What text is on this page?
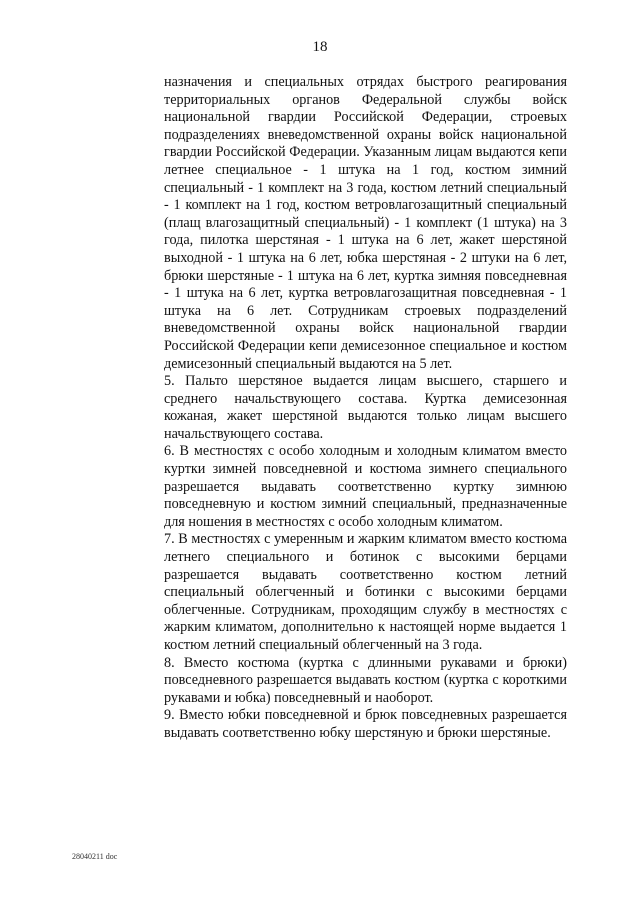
18

назначения и специальных отрядах быстрого реагирования территориальных органов Федеральной службы войск национальной гвардии Российской Федерации, строевых подразделениях вневедомственной охраны войск национальной гвардии Российской Федерации. Указанным лицам выдаются кепи летнее специальное - 1 штука на 1 год, костюм зимний специальный - 1 комплект на 3 года, костюм летний специальный - 1 комплект на 1 год, костюм ветровлагозащитный специальный (плащ влагозащитный специальный) - 1 комплект (1 штука) на 3 года, пилотка шерстяная - 1 штука на 6 лет, жакет шерстяной выходной - 1 штука на 6 лет, юбка шерстяная - 2 штуки на 6 лет, брюки шерстяные - 1 штука на 6 лет, куртка зимняя повседневная - 1 штука на 6 лет, куртка ветровлагозащитная повседневная - 1 штука на 6 лет. Сотрудникам строевых подразделений вневедомственной охраны войск национальной гвардии Российской Федерации кепи демисезонное специальное и костюм демисезонный специальный выдаются на 5 лет.

5. Пальто шерстяное выдается лицам высшего, старшего и среднего начальствующего состава. Куртка демисезонная кожаная, жакет шерстяной выдаются только лицам высшего начальствующего состава.

6. В местностях с особо холодным и холодным климатом вместо куртки зимней повседневной и костюма зимнего специального разрешается выдавать соответственно куртку зимнюю повседневную и костюм зимний специальный, предназначенные для ношения в местностях с особо холодным климатом.

7. В местностях с умеренным и жарким климатом вместо костюма летнего специального и ботинок с высокими берцами разрешается выдавать соответственно костюм летний специальный облегченный и ботинки с высокими берцами облегченные. Сотрудникам, проходящим службу в местностях с жарким климатом, дополнительно к настоящей норме выдается 1 костюм летний специальный облегченный на 3 года.

8. Вместо костюма (куртка с длинными рукавами и брюки) повседневного разрешается выдавать костюм (куртка с короткими рукавами и юбка) повседневный и наоборот.

9. Вместо юбки повседневной и брюк повседневных разрешается выдавать соответственно юбку шерстяную и брюки шерстяные.

28040211 doc
